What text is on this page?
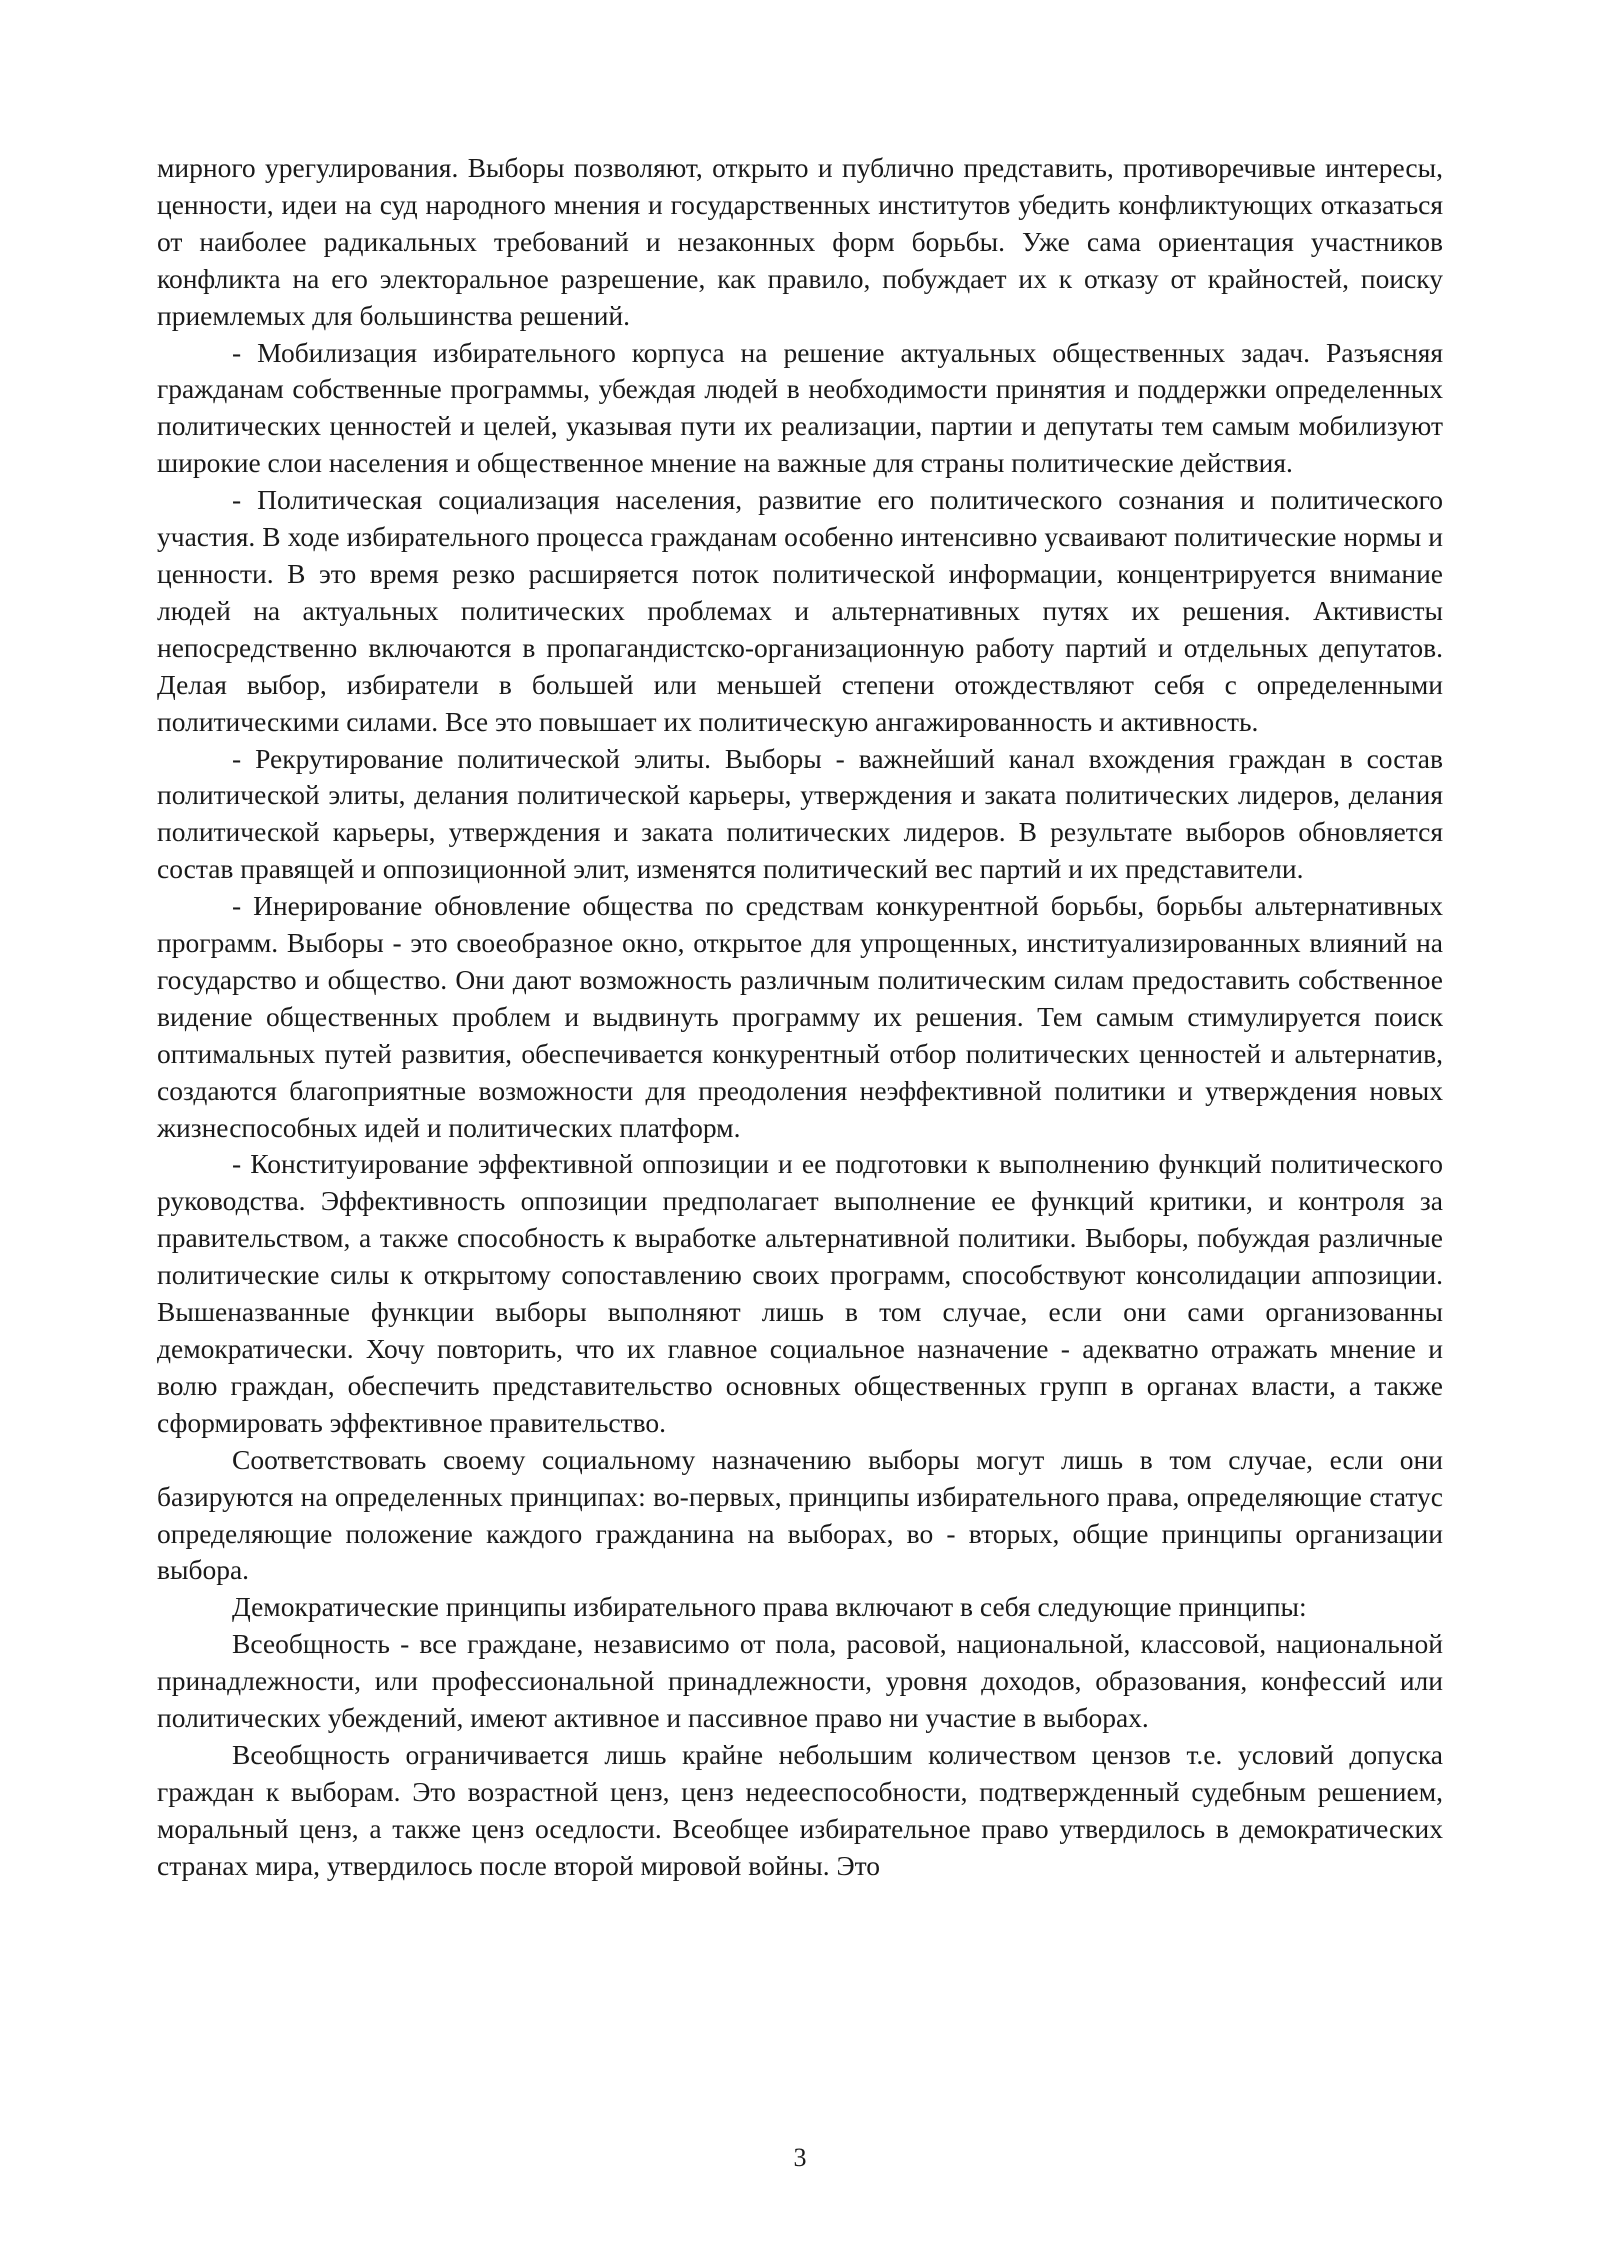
мирного урегулирования. Выборы позволяют, открыто и публично представить, противоречивые интересы, ценности, идеи на суд народного мнения и государственных институтов убедить конфликтующих отказаться от наиболее радикальных требований и незаконных форм борьбы. Уже сама ориентация участников конфликта на его электоральное разрешение, как правило, побуждает их к отказу от крайностей, поиску приемлемых для большинства решений.

- Мобилизация избирательного корпуса на решение актуальных общественных задач. Разъясняя гражданам собственные программы, убеждая людей в необходимости принятия и поддержки определенных политических ценностей и целей, указывая пути их реализации, партии и депутаты тем самым мобилизуют широкие слои населения и общественное мнение на важные для страны политические действия.

- Политическая социализация населения, развитие его политического сознания и политического участия. В ходе избирательного процесса гражданам особенно интенсивно усваивают политические нормы и ценности. В это время резко расширяется поток политической информации, концентрируется внимание людей на актуальных политических проблемах и альтернативных путях их решения. Активисты непосредственно включаются в пропагандистско-организационную работу партий и отдельных депутатов. Делая выбор, избиратели в большей или меньшей степени отождествляют себя с определенными политическими силами. Все это повышает их политическую ангажированность и активность.

- Рекрутирование политической элиты. Выборы - важнейший канал вхождения граждан в состав политической элиты, делания политической карьеры, утверждения и заката политических лидеров, делания политической карьеры, утверждения и заката политических лидеров. В результате выборов обновляется состав правящей и оппозиционной элит, изменятся политический вес партий и их представители.

- Инерирование обновление общества по средствам конкурентной борьбы, борьбы альтернативных программ. Выборы - это своеобразное окно, открытое для упрощенных, институализированных влияний на государство и общество. Они дают возможность различным политическим силам предоставить собственное видение общественных проблем и выдвинуть программу их решения. Тем самым стимулируется поиск оптимальных путей развития, обеспечивается конкурентный отбор политических ценностей и альтернатив, создаются благоприятные возможности для преодоления неэффективной политики и утверждения новых жизнеспособных идей и политических платформ.

- Конституирование эффективной оппозиции и ее подготовки к выполнению функций политического руководства. Эффективность оппозиции предполагает выполнение ее функций критики, и контроля за правительством, а также способность к выработке альтернативной политики. Выборы, побуждая различные политические силы к открытому сопоставлению своих программ, способствуют консолидации аппозиции. Вышеназванные функции выборы выполняют лишь в том случае, если они сами организованны демократически. Хочу повторить, что их главное социальное назначение - адекватно отражать мнение и волю граждан, обеспечить представительство основных общественных групп в органах власти, а также сформировать эффективное правительство.

Соответствовать своему социальному назначению выборы могут лишь в том случае, если они базируются на определенных принципах: во-первых, принципы избирательного права, определяющие статус определяющие положение каждого гражданина на выборах, во - вторых, общие принципы организации выбора.

Демократические принципы избирательного права включают в себя следующие принципы:

Всеобщность - все граждане, независимо от пола, расовой, национальной, классовой, национальной принадлежности, или профессиональной принадлежности, уровня доходов, образования, конфессий или политических убеждений, имеют активное и пассивное право ни участие в выборах.

Всеобщность ограничивается лишь крайне небольшим количеством цензов т.е. условий допуска граждан к выборам. Это возрастной ценз, ценз недееспособности, подтвержденный судебным решением, моральный ценз, а также ценз оседлости. Всеобщее избирательное право утвердилось в демократических странах мира, утвердилось после второй мировой войны. Это

3
